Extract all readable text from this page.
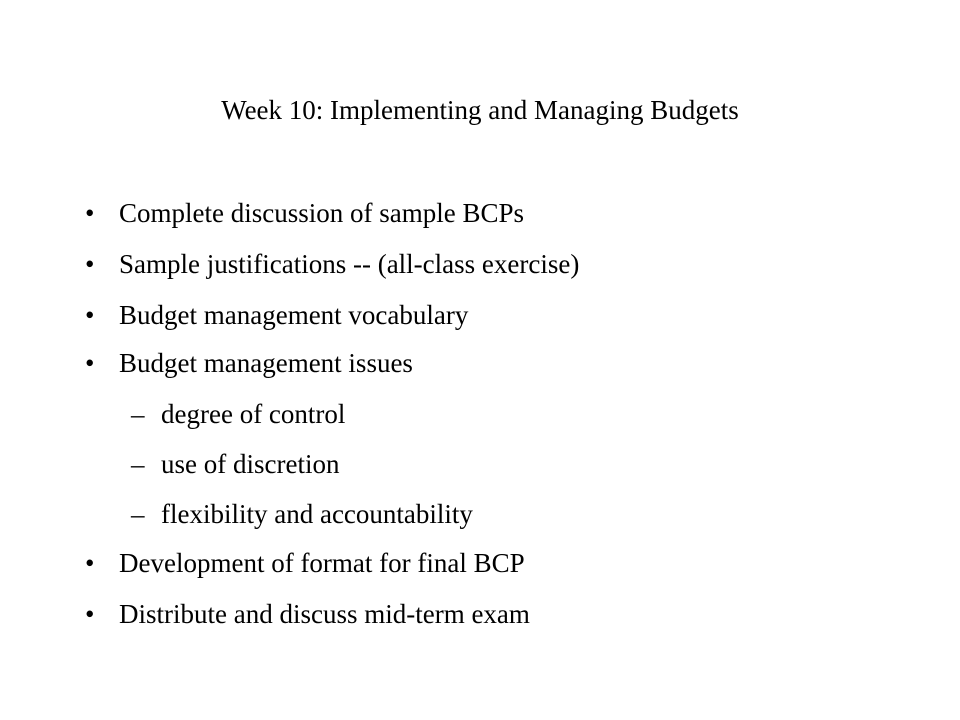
Week 10: Implementing and Managing Budgets
• Complete discussion of sample BCPs
• Sample justifications -- (all-class exercise)
• Budget management vocabulary
• Budget management issues
– degree of control
– use of discretion
– flexibility and accountability
• Development of format for final BCP
• Distribute and discuss mid-term exam
